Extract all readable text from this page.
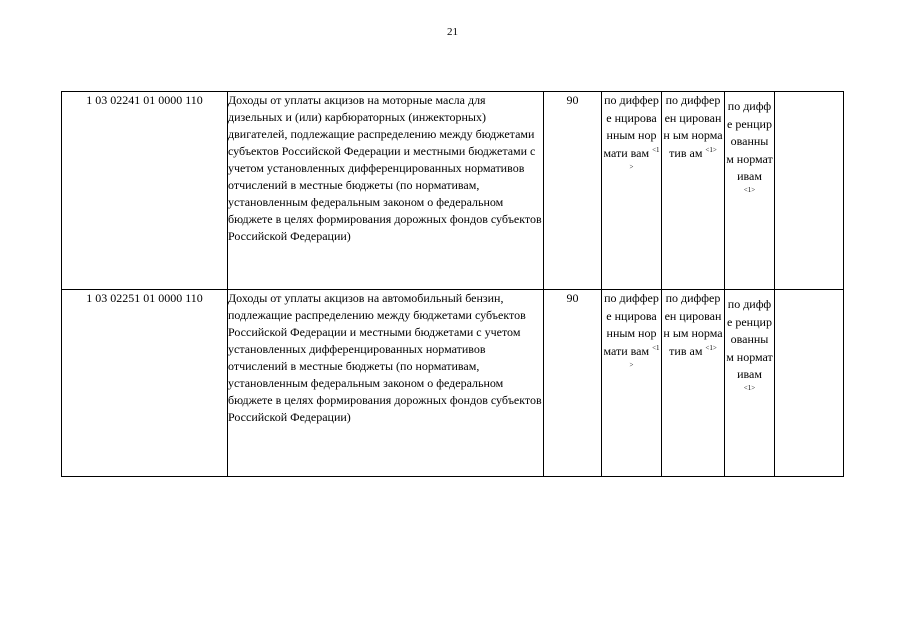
21
1 03 02241 01 0000 110	Доходы от уплаты акцизов на моторные масла для дизельных и (или) карбюраторных (инжекторных) двигателей, подлежащие распределению между бюджетами субъектов Российской Федерации и местными бюджетами с учетом установленных дифференцированных нормативов отчислений в местные бюджеты (по нормативам, установленным федеральным законом о федеральном бюджете в целях формирования дорожных фондов субъектов Российской Федерации)	90	по диффере нцирова нным нормати вам $^{<1>}$	по дифферен цированн ым норматив ам $^{<1>}$	по диффе ренцир ованны м нормат ивам
<1>	

1 03 02251 01 0000 110	Доходы от уплаты акцизов на автомобильный бензин, подлежащие распределению между бюджетами субъектов Российской Федерации и местными бюджетами с учетом установленных дифференцированных нормативов отчислений в местные бюджеты (по нормативам, установленным федеральным законом о федеральном бюджете в целях формирования дорожных фондов субъектов Российской Федерации)	90	по диффере нцирова нным нормати вам $^{<1>}$	по дифферен цированн ым норматив ам $^{<1>}$	по диффе ренцир ованны м нормат ивам
<1>	
